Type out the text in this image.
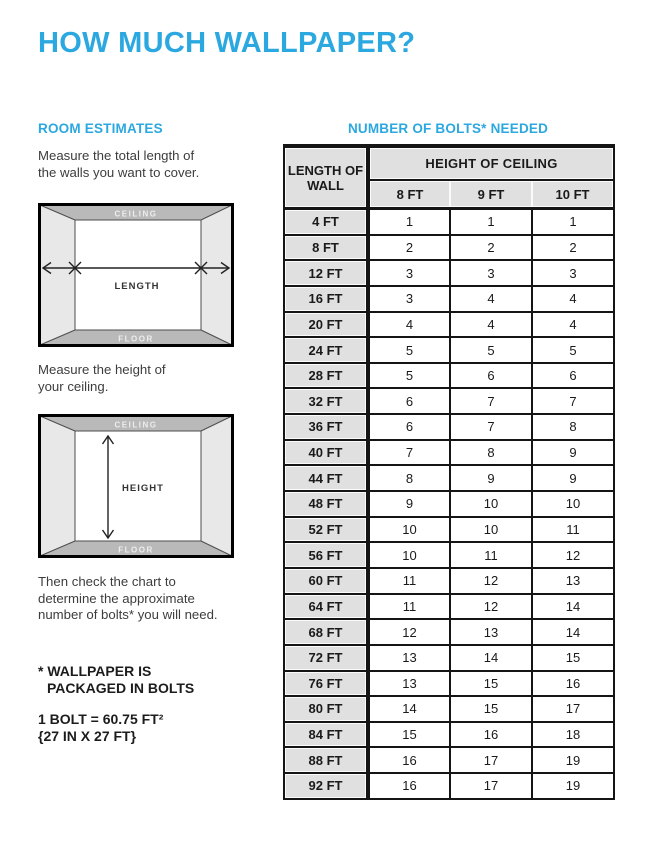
HOW MUCH WALLPAPER?
ROOM ESTIMATES	NUMBER OF BOLTS* NEEDED

Measure the total length of
the walls you want to cover.

CEILING
FLOOR
LENGTH

Measure the height of
your ceiling.

CEILING
FLOOR
HEIGHT

Then check the chart to
determine the approximate
number of bolts* you will need.

* WALLPAPER IS
PACKAGED IN BOLTS

1 BOLT = 60.75 FT²
{27 IN X 27 FT}

LENGTH OF WALL	HEIGHT OF CEILING		
	8 FT	9 FT	10 FT
4 FT	1	1	1
8 FT	2	2	2
12 FT	3	3	3
16 FT	3	4	4
20 FT	4	4	4
24 FT	5	5	5
28 FT	5	6	6
32 FT	6	7	7
36 FT	6	7	8
40 FT	7	8	9
44 FT	8	9	9
48 FT	9	10	10
52 FT	10	10	11
56 FT	10	11	12
60 FT	11	12	13
64 FT	11	12	14
68 FT	12	13	14
72 FT	13	14	15
76 FT	13	15	16
80 FT	14	15	17
84 FT	15	16	18
88 FT	16	17	19
92 FT	16	17	19
